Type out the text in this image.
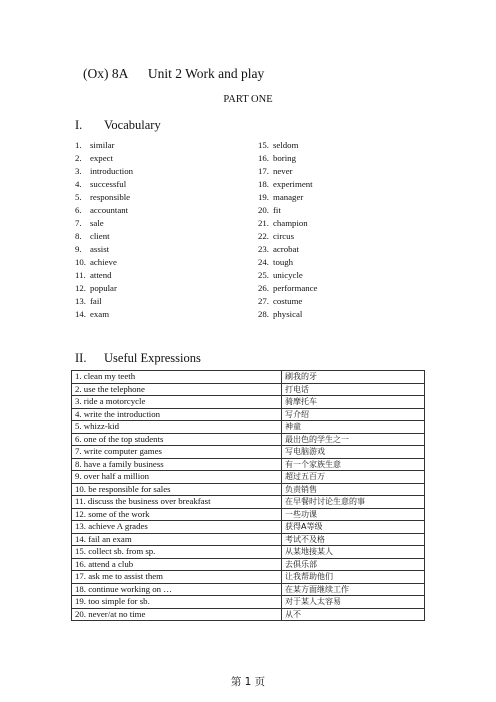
(Ox) 8A      Unit 2 Work and play
PART ONE
I. Vocabulary
1. similar
2. expect
3. introduction
4. successful
5. responsible
6. accountant
7. sale
8. client
9. assist
10. achieve
11. attend
12. popular
13. fail
14. exam
15. seldom
16. boring
17. never
18. experiment
19. manager
20. fit
21. champion
22. circus
23. acrobat
24. tough
25. unicycle
26. performance
27. costume
28. physical
II. Useful Expressions
1. clean my teeth	刷我的牙
2. use the telephone	打电话
3. ride a motorcycle	骑摩托车
4. write the introduction	写介绍
5. whizz-kid	神童
6. one of the top students	最出色的学生之一
7. write computer games	写电脑游戏
8. have a family business	有一个家族生意
9. over half a million	超过五百万
10. be responsible for sales	负责销售
11. discuss the business over breakfast	在早餐时讨论生意的事
12. some of the work	一些功课
13. achieve A grades	获得A等级
14. fail an exam	考试不及格
15. collect sb. from sp.	从某地接某人
16. attend a club	去俱乐部
17. ask me to assist them	让我帮助他们
18. continue working on …	在某方面继续工作
19. too simple for sb.	对于某人太容易
20. never/at no time	从不
第 1 页
